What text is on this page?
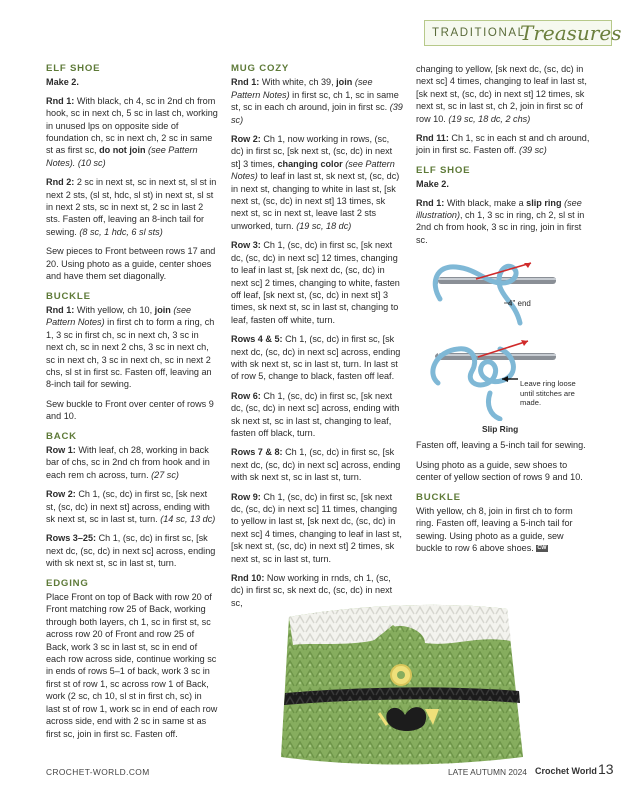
TRADITIONAL
Treasures
ELF SHOE
Make 2.
Rnd 1: With black, ch 4, sc in 2nd ch from hook, sc in next ch, 5 sc in last ch, working in unused lps on opposite side of foundation ch, sc in next ch, 2 sc in same st as first sc, do not join (see Pattern Notes). (10 sc)
Rnd 2: 2 sc in next st, sc in next st, sl st in next 2 sts, (sl st, hdc, sl st) in next st, sl st in next 2 sts, sc in next st, 2 sc in last 2 sts. Fasten off, leaving an 8-inch tail for sewing. (8 sc, 1 hdc, 6 sl sts)
Sew pieces to Front between rows 17 and 20. Using photo as a guide, center shoes and have them set diagonally.
BUCKLE
Rnd 1: With yellow, ch 10, join (see Pattern Notes) in first ch to form a ring, ch 1, 3 sc in first ch, sc in next ch, 3 sc in next ch, sc in next 2 chs, 3 sc in next ch, sc in next ch, 3 sc in next ch, sc in next 2 chs, sl st in first sc. Fasten off, leaving an 8-inch tail for sewing.
Sew buckle to Front over center of rows 9 and 10.
BACK
Row 1: With leaf, ch 28, working in back bar of chs, sc in 2nd ch from hook and in each rem ch across, turn. (27 sc)
Row 2: Ch 1, (sc, dc) in first sc, [sk next st, (sc, dc) in next st] across, ending with sk next st, sc in last st, turn. (14 sc, 13 dc)
Rows 3–25: Ch 1, (sc, dc) in first sc, [sk next dc, (sc, dc) in next sc] across, ending with sk next st, sc in last st, turn.
EDGING
Place Front on top of Back with row 20 of Front matching row 25 of Back, working through both layers, ch 1, sc in first st, sc across row 20 of Front and row 25 of Back, work 3 sc in last st, sc in end of each row across side, continue working sc in ends of rows 5–1 of back, work 3 sc in first st of row 1, sc across row 1 of Back, work (2 sc, ch 10, sl st in first ch, sc) in last st of row 1, work sc in end of each row across side, end with 2 sc in same st as first sc, join in first sc. Fasten off.
MUG COZY
Rnd 1: With white, ch 39, join (see Pattern Notes) in first sc, ch 1, sc in same st, sc in each ch around, join in first sc. (39 sc)
Row 2: Ch 1, now working in rows, (sc, dc) in first sc, [sk next st, (sc, dc) in next st] 3 times, changing color (see Pattern Notes) to leaf in last st, sk next st, (sc, dc) in next st, changing to white in last st, [sk next st, (sc, dc) in next st] 13 times, sk next st, sc in next st, leave last 2 sts unworked, turn. (19 sc, 18 dc)
Row 3: Ch 1, (sc, dc) in first sc, [sk next dc, (sc, dc) in next sc] 12 times, changing to leaf in last st, [sk next dc, (sc, dc) in next sc] 2 times, changing to white, fasten off leaf, [sk next st, (sc, dc) in next st] 3 times, sk next st, sc in last st, changing to leaf, fasten off white, turn.
Rows 4 & 5: Ch 1, (sc, dc) in first sc, [sk next dc, (sc, dc) in next sc] across, ending with sk next st, sc in last st, turn. In last st of row 5, change to black, fasten off leaf.
Row 6: Ch 1, (sc, dc) in first sc, [sk next dc, (sc, dc) in next sc] across, ending with sk next st, sc in last st, changing to leaf, fasten off black, turn.
Rows 7 & 8: Ch 1, (sc, dc) in first sc, [sk next dc, (sc, dc) in next sc] across, ending with sk next st, sc in last st, turn.
Row 9: Ch 1, (sc, dc) in first sc, [sk next dc, (sc, dc) in next sc] 11 times, changing to yellow in last st, [sk next dc, (sc, dc) in next sc] 4 times, changing to leaf in last st, [sk next st, (sc, dc) in next st] 2 times, sk next st, sc in last st, turn.
Rnd 10: Now working in rnds, ch 1, (sc, dc) in first sc, sk next dc, (sc, dc) in next sc,
changing to yellow, [sk next dc, (sc, dc) in next sc] 4 times, changing to leaf in last st, [sk next st, (sc, dc) in next st] 12 times, sk next st, sc in last st, ch 2, join in first sc of row 10. (19 sc, 18 dc, 2 chs)
Rnd 11: Ch 1, sc in each st and ch around, join in first sc. Fasten off. (39 sc)
ELF SHOE
Make 2.
Rnd 1: With black, make a slip ring (see illustration), ch 1, 3 sc in ring, ch 2, sl st in 2nd ch from hook, 3 sc in ring, join in first sc.
4" end
Leave ring loose until stitches are made.
Slip Ring
Fasten off, leaving a 5-inch tail for sewing.
Using photo as a guide, sew shoes to center of yellow section of rows 9 and 10.
BUCKLE
With yellow, ch 8, join in first ch to form ring. Fasten off, leaving a 5-inch tail for sewing. Using photo as a guide, sew buckle to row 6 above shoes. CW
CROCHET-WORLD.COM	LATE AUTUMN 2024 Crochet World 13
